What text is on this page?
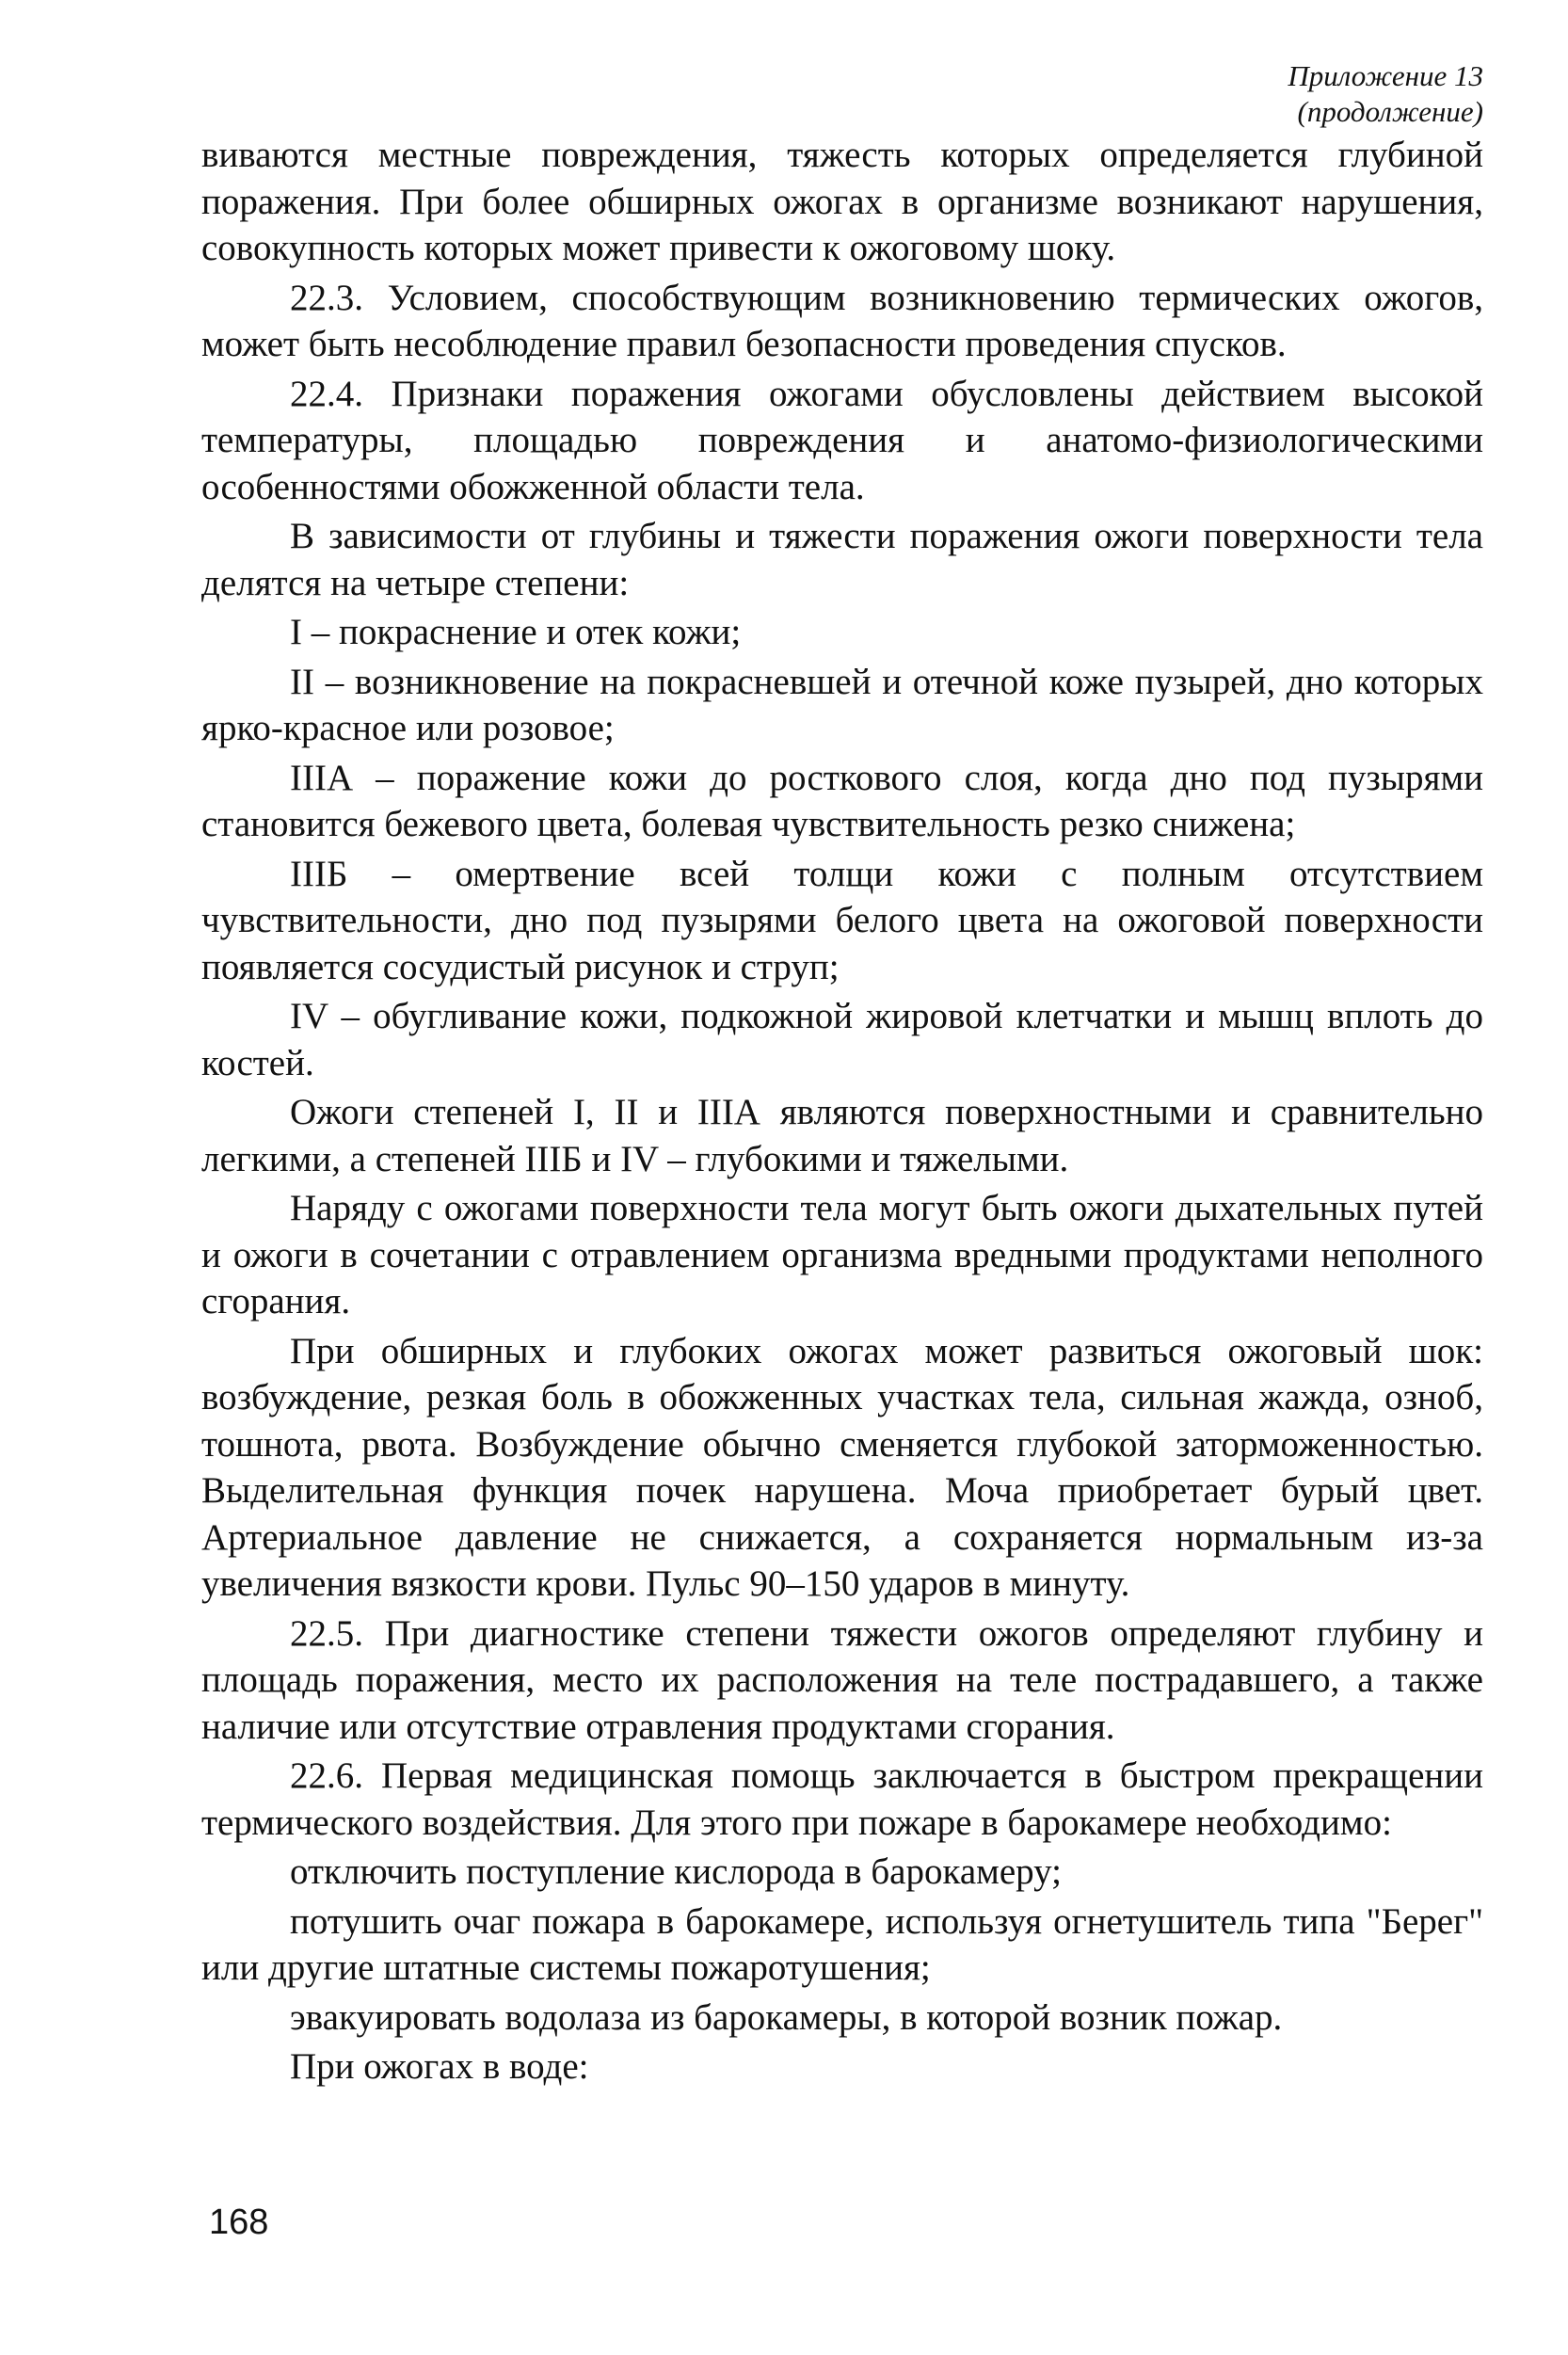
Приложение 13
(продолжение)

виваются местные повреждения, тяжесть которых определяется глубиной поражения. При более обширных ожогах в организме возникают нарушения, совокупность которых может привести к ожоговому шоку.

22.3. Условием, способствующим возникновению термических ожогов, может быть несоблюдение правил безопасности проведения спусков.

22.4. Признаки поражения ожогами обусловлены действием высокой температуры, площадью повреждения и анатомо-физиологическими особенностями обожженной области тела.

В зависимости от глубины и тяжести поражения ожоги поверхности тела делятся на четыре степени:

I – покраснение и отек кожи;

II – возникновение на покрасневшей и отечной коже пузырей, дно которых ярко-красное или розовое;

IIIА – поражение кожи до росткового слоя, когда дно под пузырями становится бежевого цвета, болевая чувствительность резко снижена;

IIIБ – омертвение всей толщи кожи с полным отсутствием чувствительности, дно под пузырями белого цвета на ожоговой поверхности появляется сосудистый рисунок и струп;

IV – обугливание кожи, подкожной жировой клетчатки и мышц вплоть до костей.

Ожоги степеней I, II и IIIА являются поверхностными и сравнительно легкими, а степеней IIIБ и IV – глубокими и тяжелыми.

Наряду с ожогами поверхности тела могут быть ожоги дыхательных путей и ожоги в сочетании с отравлением организма вредными продуктами неполного сгорания.

При обширных и глубоких ожогах может развиться ожоговый шок: возбуждение, резкая боль в обожженных участках тела, сильная жажда, озноб, тошнота, рвота. Возбуждение обычно сменяется глубокой заторможенностью. Выделительная функция почек нарушена. Моча приобретает бурый цвет. Артериальное давление не снижается, а сохраняется нормальным из-за увеличения вязкости крови. Пульс 90–150 ударов в минуту.

22.5. При диагностике степени тяжести ожогов определяют глубину и площадь поражения, место их расположения на теле пострадавшего, а также наличие или отсутствие отравления продуктами сгорания.

22.6. Первая медицинская помощь заключается в быстром прекращении термического воздействия. Для этого при пожаре в барокамере необходимо:

отключить поступление кислорода в барокамеру;

потушить очаг пожара в барокамере, используя огнетушитель типа "Берег" или другие штатные системы пожаротушения;

эвакуировать водолаза из барокамеры, в которой возник пожар.

При ожогах в воде:

168
